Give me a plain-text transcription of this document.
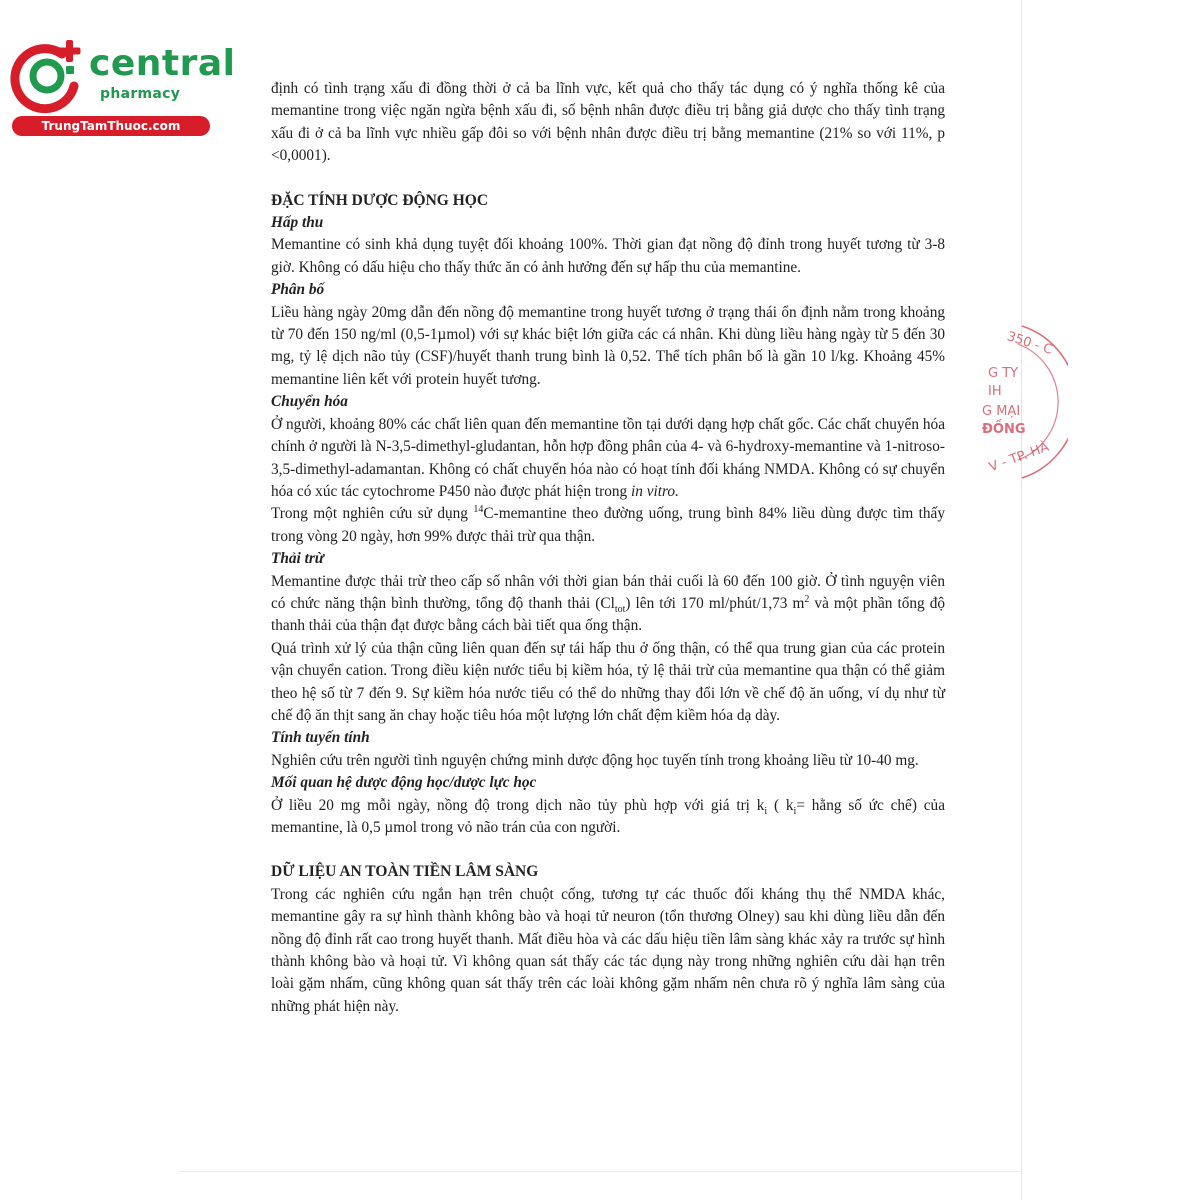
central
pharmacy
TrungTamThuoc.com
350 - C
G TY
IH
G MẠI
ĐỒNG
V - TP. HÀ

định có tình trạng xấu đi đồng thời ở cả ba lĩnh vực, kết quả cho thấy tác dụng có ý nghĩa thống kê của memantine trong việc ngăn ngừa bệnh xấu đi, số bệnh nhân được điều trị bằng giả dược cho thấy tình trạng xấu đi ở cả ba lĩnh vực nhiều gấp đôi so với bệnh nhân được điều trị bằng memantine (21% so với 11%, p <0,0001).

ĐẶC TÍNH DƯỢC ĐỘNG HỌC
Hấp thu

Memantine có sinh khả dụng tuyệt đối khoảng 100%. Thời gian đạt nồng độ đỉnh trong huyết tương từ 3-8 giờ. Không có dấu hiệu cho thấy thức ăn có ảnh hưởng đến sự hấp thu của memantine.

Phân bố

Liều hàng ngày 20mg dẫn đến nồng độ memantine trong huyết tương ở trạng thái ổn định nằm trong khoảng từ 70 đến 150 ng/ml (0,5-1µmol) với sự khác biệt lớn giữa các cá nhân. Khi dùng liều hàng ngày từ 5 đến 30 mg, tỷ lệ dịch não tủy (CSF)/huyết thanh trung bình là 0,52. Thể tích phân bố là gần 10 l/kg. Khoảng 45% memantine liên kết với protein huyết tương.

Chuyển hóa

Ở người, khoảng 80% các chất liên quan đến memantine tồn tại dưới dạng hợp chất gốc. Các chất chuyển hóa chính ở người là N-3,5-dimethyl-gludantan, hỗn hợp đồng phân của 4- và 6-hydroxy-memantine và 1-nitroso-3,5-dimethyl-adamantan. Không có chất chuyển hóa nào có hoạt tính đối kháng NMDA. Không có sự chuyển hóa có xúc tác cytochrome P450 nào được phát hiện trong in vitro.

Trong một nghiên cứu sử dụng $^{14}$C-memantine theo đường uống, trung bình 84% liều dùng được tìm thấy trong vòng 20 ngày, hơn 99% được thải trừ qua thận.

Thải trừ

Memantine được thải trừ theo cấp số nhân với thời gian bán thải cuối là 60 đến 100 giờ. Ở tình nguyện viên có chức năng thận bình thường, tổng độ thanh thải $(Cl_{tot})$ lên tới 170 ml/phút/1,73 $m^2$ và một phần tổng độ thanh thải của thận đạt được bằng cách bài tiết qua ống thận.

Quá trình xử lý của thận cũng liên quan đến sự tái hấp thu ở ống thận, có thể qua trung gian của các protein vận chuyển cation. Trong điều kiện nước tiểu bị kiềm hóa, tỷ lệ thải trừ của memantine qua thận có thể giảm theo hệ số từ 7 đến 9. Sự kiềm hóa nước tiểu có thể do những thay đổi lớn về chế độ ăn uống, ví dụ như từ chế độ ăn thịt sang ăn chay hoặc tiêu hóa một lượng lớn chất đệm kiềm hóa dạ dày.

Tính tuyến tính

Nghiên cứu trên người tình nguyện chứng minh dược động học tuyến tính trong khoảng liều từ 10-40 mg.

Mối quan hệ dược động học/dược lực học

Ở liều 20 mg mỗi ngày, nồng độ trong dịch não tủy phù hợp với giá trị $k_i$ ( $k_i=$ hằng số ức chế) của memantine, là 0,5 µmol trong vỏ não trán của con người.

DỮ LIỆU AN TOÀN TIỀN LÂM SÀNG

Trong các nghiên cứu ngắn hạn trên chuột cống, tương tự các thuốc đối kháng thụ thể NMDA khác, memantine gây ra sự hình thành không bào và hoại tử neuron (tổn thương Olney) sau khi dùng liều dẫn đến nồng độ đỉnh rất cao trong huyết thanh. Mất điều hòa và các dấu hiệu tiền lâm sàng khác xảy ra trước sự hình thành không bào và hoại tử. Vì không quan sát thấy các tác dụng này trong những nghiên cứu dài hạn trên loài gặm nhấm, cũng không quan sát thấy trên các loài không gặm nhấm nên chưa rõ ý nghĩa lâm sàng của những phát hiện này.
